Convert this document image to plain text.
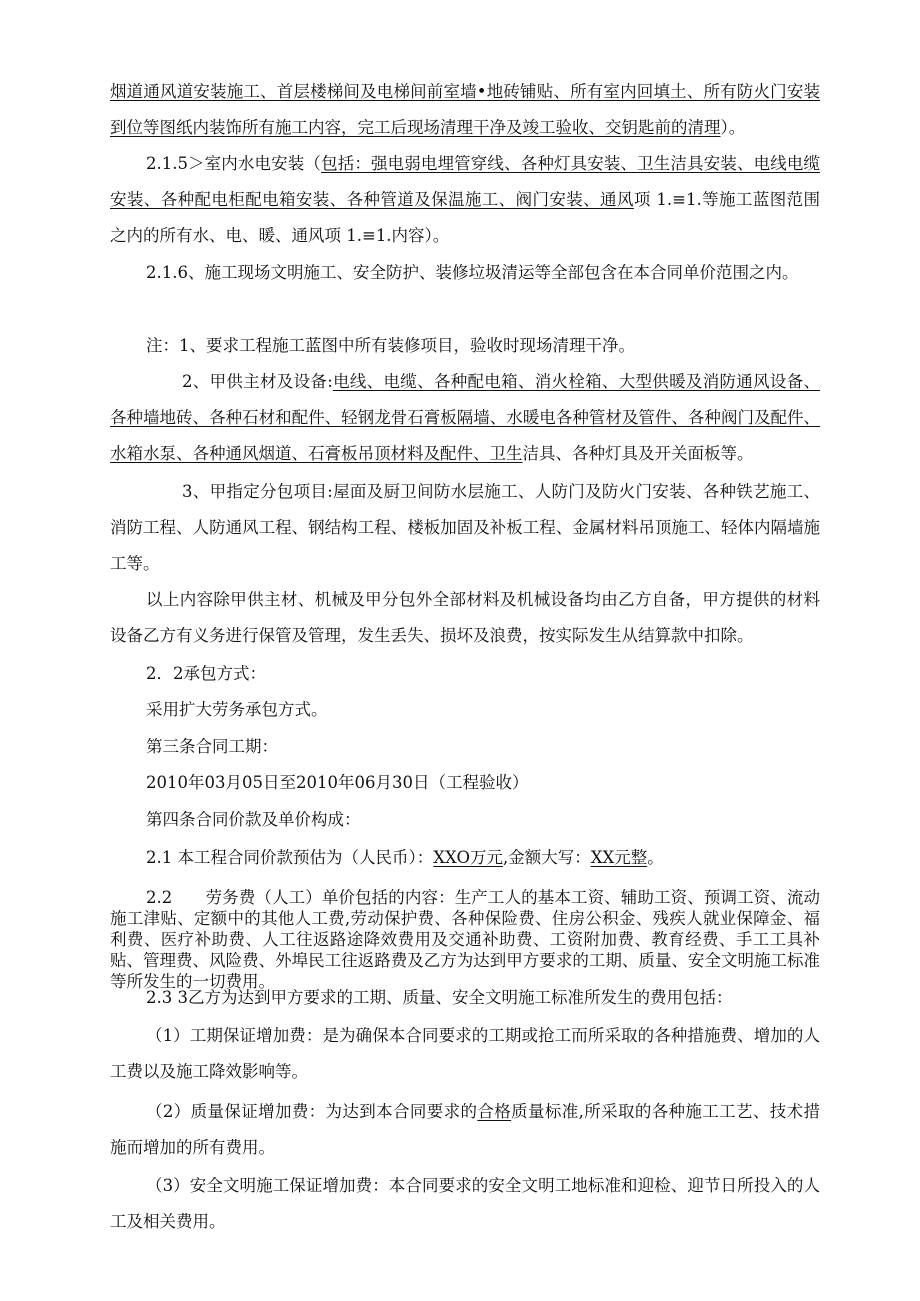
烟道通风道安装施工、首层楼梯间及电梯间前室墙•地砖铺贴、所有室内回填土、所有防火门安装到位等图纸内装饰所有施工内容，完工后现场清理干净及竣工验收、交钥匙前的清理）。

2.1.5＞室内水电安装（包括：强电弱电埋管穿线、各种灯具安装、卫生洁具安装、电线电缆安装、各种配电柜配电箱安装、各种管道及保温施工、阀门安装、通风项 1.≡1.等施工蓝图范围之内的所有水、电、暖、通风项 1.≡1.内容）。

2.1.6、施工现场文明施工、安全防护、装修垃圾清运等全部包含在本合同单价范围之内。

注：1、要求工程施工蓝图中所有装修项目，验收时现场清理干净。

2、甲供主材及设备:电线、电缆、各种配电箱、消火栓箱、大型供暖及消防通风设备、各种墙地砖、各种石材和配件、轻钢龙骨石膏板隔墙、水暖电各种管材及管件、各种阀门及配件、水箱水泵、各种通风烟道、石膏板吊顶材料及配件、卫生洁具、各种灯具及开关面板等。

3、甲指定分包项目:屋面及厨卫间防水层施工、人防门及防火门安装、各种铁艺施工、消防工程、人防通风工程、钢结构工程、楼板加固及补板工程、金属材料吊顶施工、轻体内隔墙施工等。

以上内容除甲供主材、机械及甲分包外全部材料及机械设备均由乙方自备，甲方提供的材料设备乙方有义务进行保管及管理，发生丢失、损坏及浪费，按实际发生从结算款中扣除。

2．2承包方式：

采用扩大劳务承包方式。

第三条合同工期：

2010年03月05日至2010年06月30日（工程验收）

第四条合同价款及单价构成：

2.1 本工程合同价款预估为（人民币）：XXO万元,金额大写：XX元整。

2.2　　劳务费（人工）单价包括的内容：生产工人的基本工资、辅助工资、预调工资、流动施工津贴、定额中的其他人工费,劳动保护费、各种保险费、住房公积金、残疾人就业保障金、福利费、医疗补助费、人工往返路途降效费用及交通补助费、工资附加费、教育经费、手工工具补贴、管理费、风险费、外埠民工往返路费及乙方为达到甲方要求的工期、质量、安全文明施工标准等所发生的一切费用。

2.3 3乙方为达到甲方要求的工期、质量、安全文明施工标准所发生的费用包括：

（1）工期保证增加费：是为确保本合同要求的工期或抢工而所采取的各种措施费、增加的人工费以及施工降效影响等。

（2）质量保证增加费：为达到本合同要求的合格质量标准,所采取的各种施工工艺、技术措施而增加的所有费用。

（3）安全文明施工保证增加费：本合同要求的安全文明工地标准和迎检、迎节日所投入的人工及相关费用。
